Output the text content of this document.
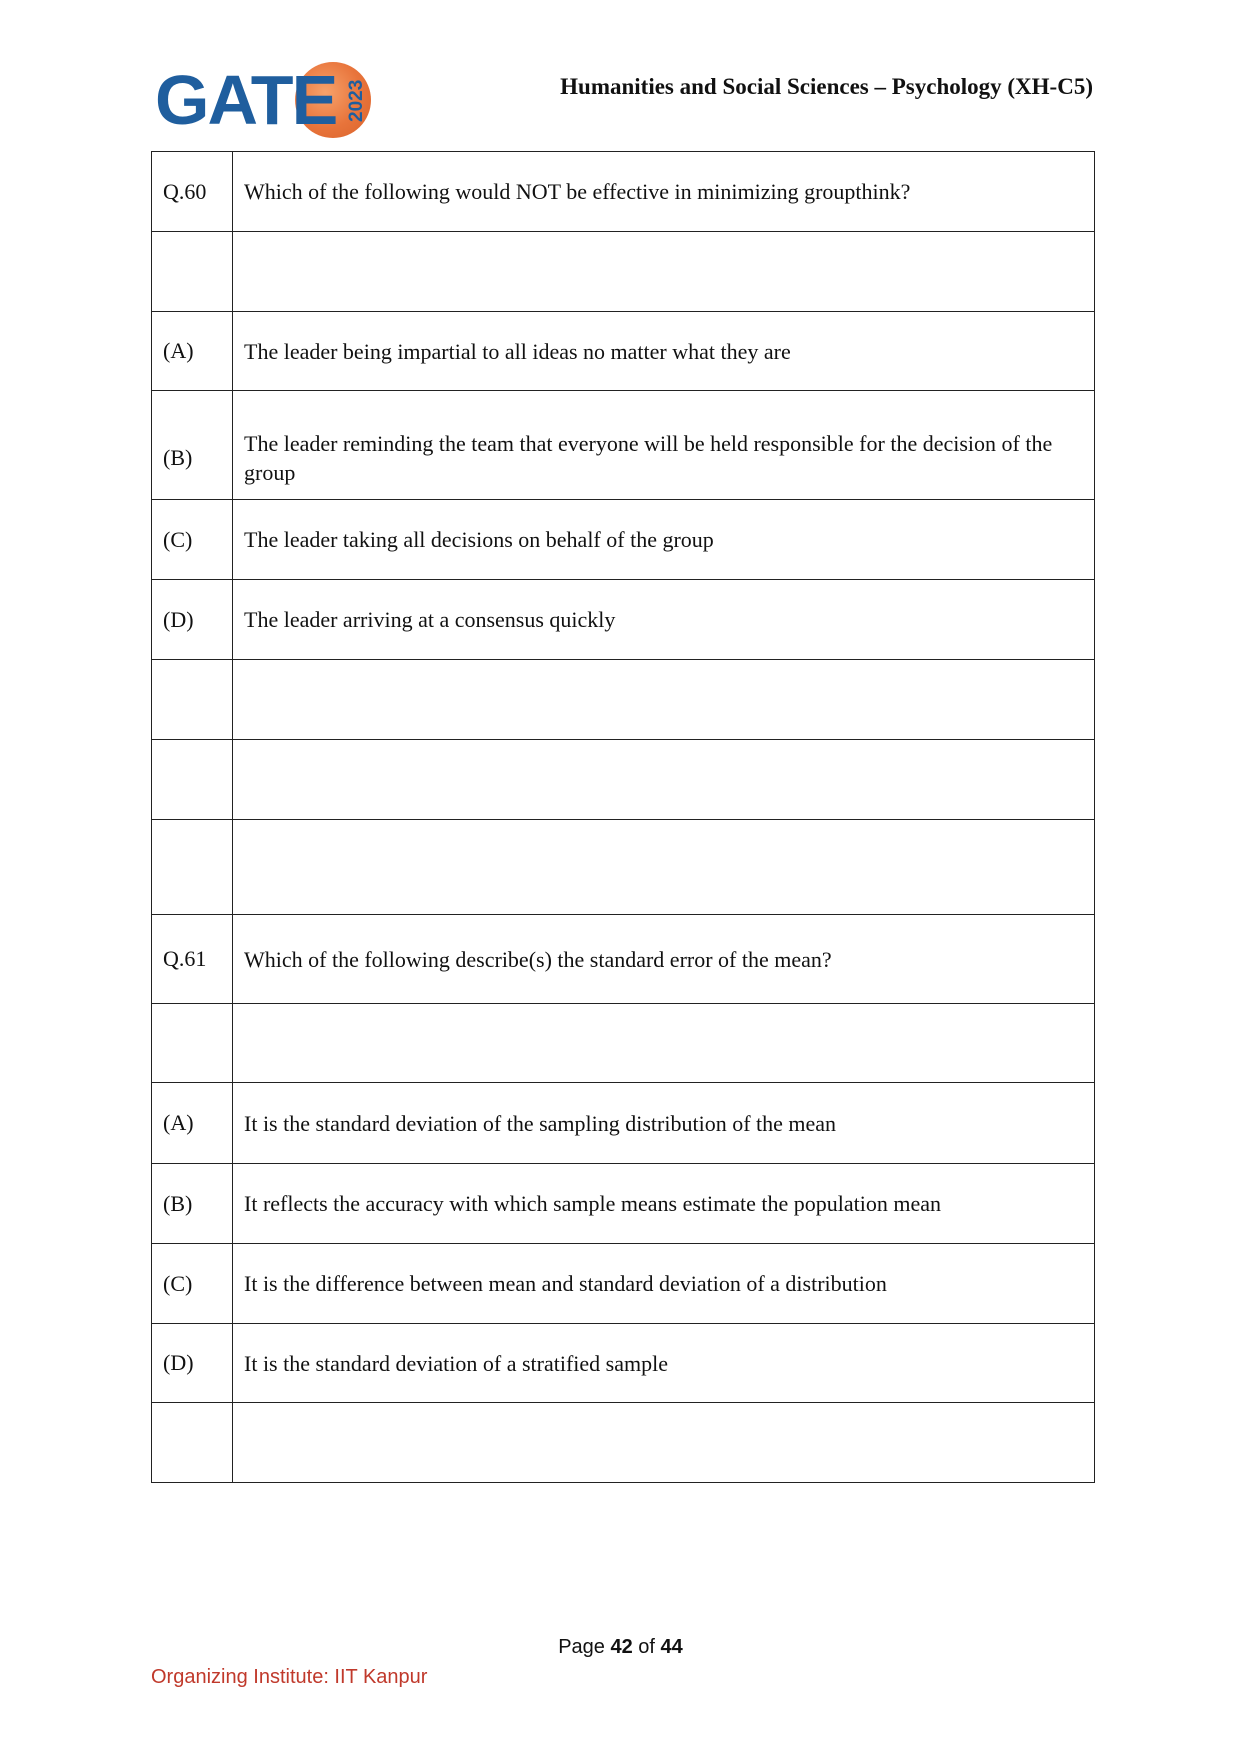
GATE 2023	Humanities and Social Sciences – Psychology (XH-C5)
Q.60	Which of the following would NOT be effective in minimizing groupthink?

(A)	The leader being impartial to all ideas no matter what they are
(B)	The leader reminding the team that everyone will be held responsible for the decision of the group
(C)	The leader taking all decisions on behalf of the group
(D)	The leader arriving at a consensus quickly

Q.61	Which of the following describe(s) the standard error of the mean?

(A)	It is the standard deviation of the sampling distribution of the mean
(B)	It reflects the accuracy with which sample means estimate the population mean
(C)	It is the difference between mean and standard deviation of a distribution
(D)	It is the standard deviation of a stratified sample

Page 42 of 44
Organizing Institute: IIT Kanpur
